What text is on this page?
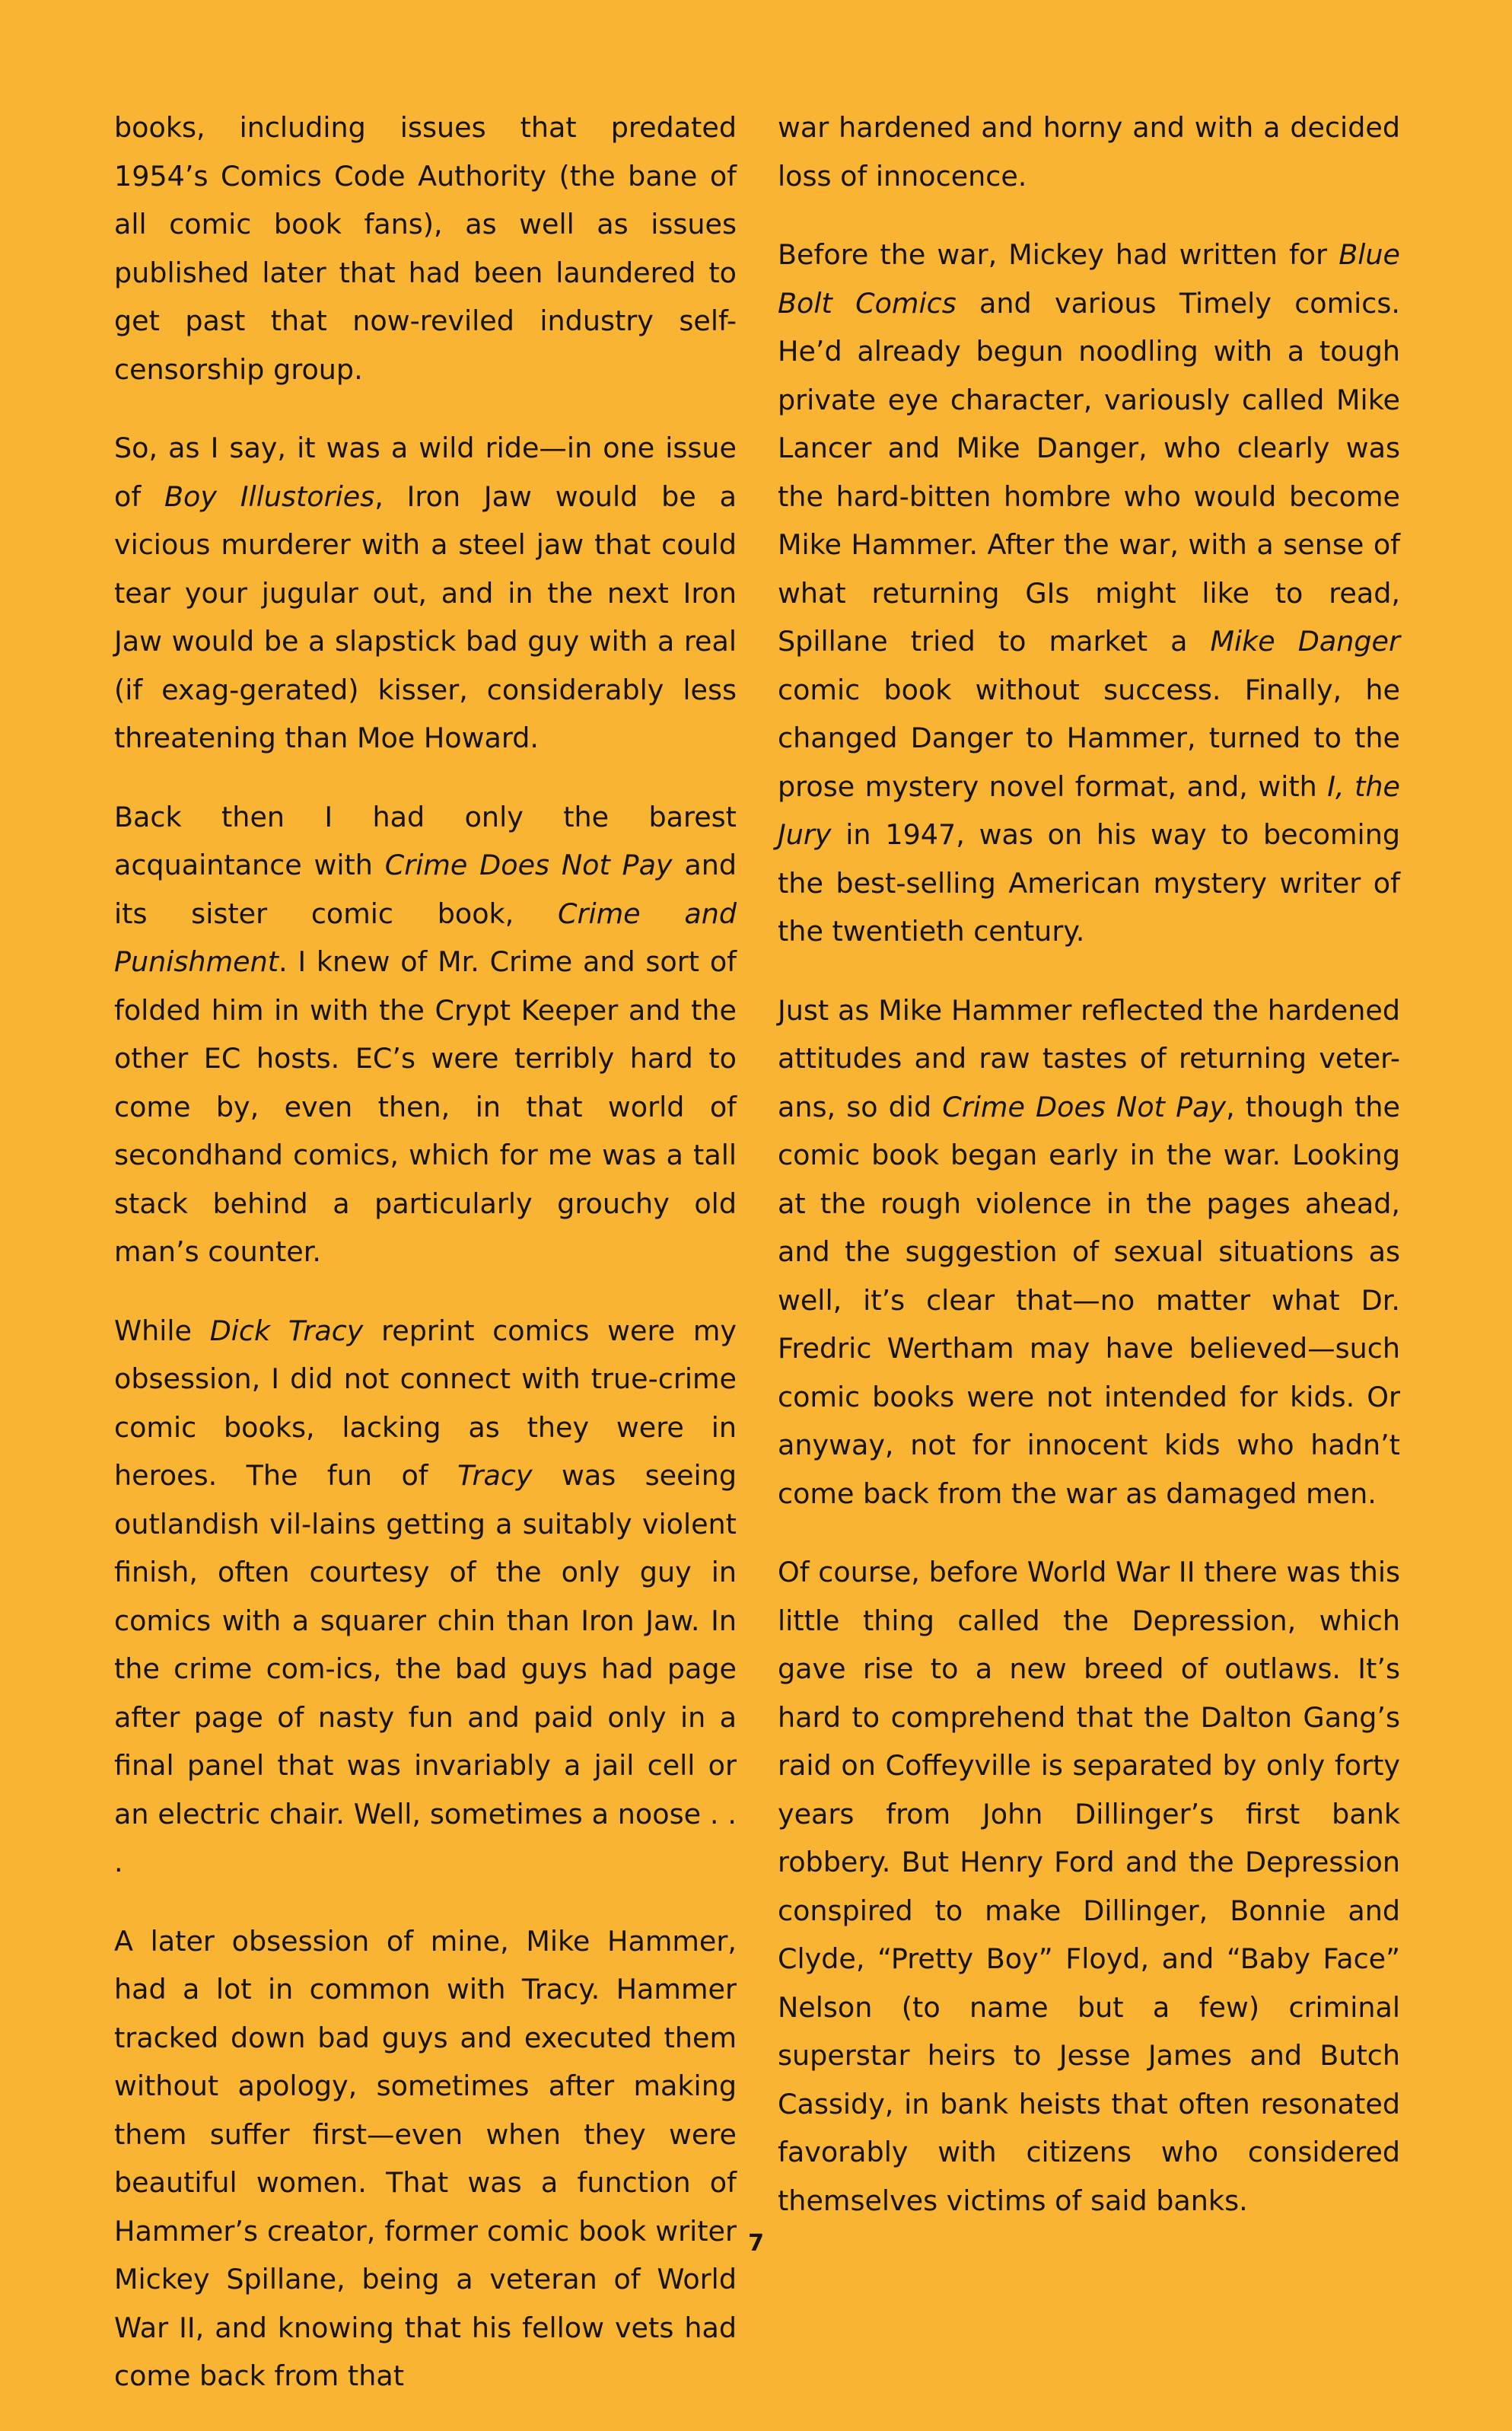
books, including issues that predated 1954’s Comics Code Authority (the bane of all comic book fans), as well as issues published later that had been laundered to get past that now-reviled industry self-censorship group.

So, as I say, it was a wild ride—in one issue of Boy Illustories, Iron Jaw would be a vicious murderer with a steel jaw that could tear your jugular out, and in the next Iron Jaw would be a slapstick bad guy with a real (if exag-gerated) kisser, considerably less threatening than Moe Howard.

Back then I had only the barest acquaintance with Crime Does Not Pay and its sister comic book, Crime and Punishment. I knew of Mr. Crime and sort of folded him in with the Crypt Keeper and the other EC hosts. EC’s were terribly hard to come by, even then, in that world of secondhand comics, which for me was a tall stack behind a particularly grouchy old man’s counter.

While Dick Tracy reprint comics were my obsession, I did not connect with true-crime comic books, lacking as they were in heroes. The fun of Tracy was seeing outlandish vil-lains getting a suitably violent finish, often courtesy of the only guy in comics with a squarer chin than Iron Jaw. In the crime com-ics, the bad guys had page after page of nasty fun and paid only in a final panel that was invariably a jail cell or an electric chair. Well, sometimes a noose . . .

A later obsession of mine, Mike Hammer, had a lot in common with Tracy. Hammer tracked down bad guys and executed them without apology, sometimes after making them suffer first—even when they were beautiful women. That was a function of Hammer’s creator, former comic book writer Mickey Spillane, being a veteran of World War II, and knowing that his fellow vets had come back from that

war hardened and horny and with a decided loss of innocence.

Before the war, Mickey had written for Blue Bolt Comics and various Timely comics. He’d already begun noodling with a tough private eye character, variously called Mike Lancer and Mike Danger, who clearly was the hard-bitten hombre who would become Mike Hammer. After the war, with a sense of what returning GIs might like to read, Spillane tried to market a Mike Danger comic book without success. Finally, he changed Danger to Hammer, turned to the prose mystery novel format, and, with I, the Jury in 1947, was on his way to becoming the best-selling American mystery writer of the twentieth century.

Just as Mike Hammer reflected the hardened attitudes and raw tastes of returning veter-ans, so did Crime Does Not Pay, though the comic book began early in the war. Looking at the rough violence in the pages ahead, and the suggestion of sexual situations as well, it’s clear that—no matter what Dr. Fredric Wertham may have believed—such comic books were not intended for kids. Or anyway, not for innocent kids who hadn’t come back from the war as damaged men.

Of course, before World War II there was this little thing called the Depression, which gave rise to a new breed of outlaws. It’s hard to comprehend that the Dalton Gang’s raid on Coffeyville is separated by only forty years from John Dillinger’s first bank robbery. But Henry Ford and the Depression conspired to make Dillinger, Bonnie and Clyde, “Pretty Boy” Floyd, and “Baby Face” Nelson (to name but a few) criminal superstar heirs to Jesse James and Butch Cassidy, in bank heists that often resonated favorably with citizens who considered themselves victims of said banks.

7
